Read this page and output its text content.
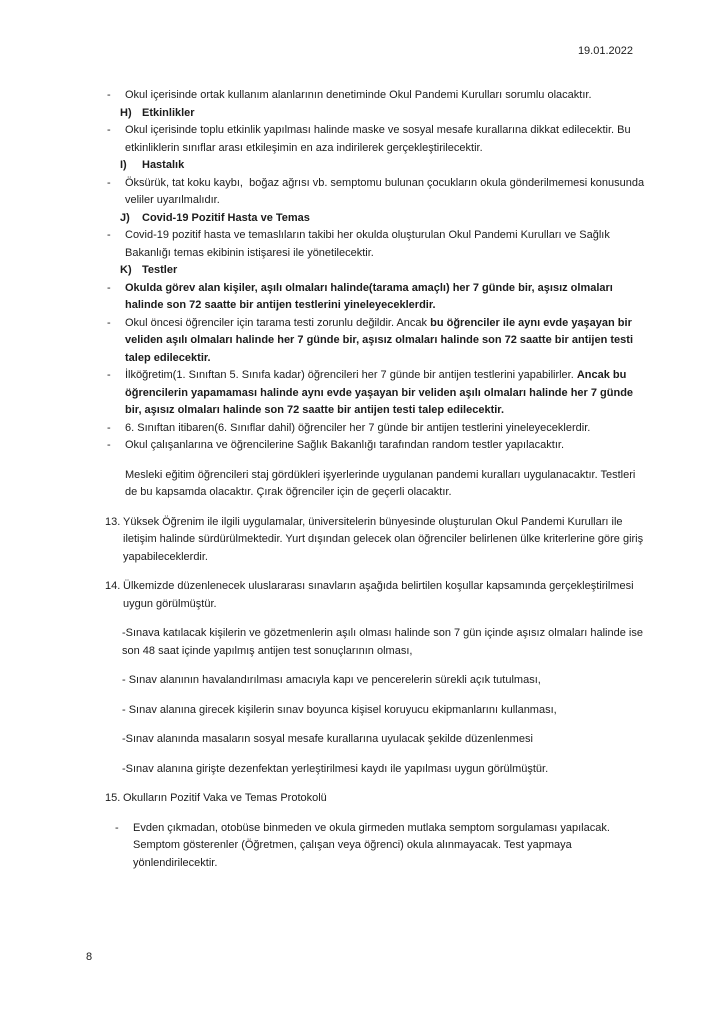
19.01.2022
-	Okul içerisinde ortak kullanım alanlarının denetiminde Okul Pandemi Kurulları sorumlu olacaktır.
H) Etkinlikler
-	Okul içerisinde toplu etkinlik yapılması halinde maske ve sosyal mesafe kurallarına dikkat edilecektir. Bu etkinliklerin sınıflar arası etkileşimin en aza indirilerek gerçekleştirilecektir.
I)	Hastalık
-	Öksürük, tat koku kaybı,  boğaz ağrısı vb. semptomu bulunan çocukların okula gönderilmemesi konusunda veliler uyarılmalıdır.
J)	Covid-19 Pozitif Hasta ve Temas
-	Covid-19 pozitif hasta ve temaslıların takibi her okulda oluşturulan Okul Pandemi Kurulları ve Sağlık Bakanlığı temas ekibinin istişaresi ile yönetilecektir.
K) Testler
-	Okulda görev alan kişiler, aşılı olmaları halinde(tarama amaçlı) her 7 günde bir, aşısız olmaları halinde son 72 saatte bir antijen testlerini yineleyeceklerdir.
-	Okul öncesi öğrenciler için tarama testi zorunlu değildir. Ancak bu öğrenciler ile aynı evde yaşayan bir veliden aşılı olmaları halinde her 7 günde bir, aşısız olmaları halinde son 72 saatte bir antijen testi talep edilecektir.
-	İlköğretim(1. Sınıftan 5. Sınıfa kadar) öğrencileri her 7 günde bir antijen testlerini yapabilirler. Ancak bu öğrencilerin yapamaması halinde aynı evde yaşayan bir veliden aşılı olmaları halinde her 7 günde bir, aşısız olmaları halinde son 72 saatte bir antijen testi talep edilecektir.
-	6. Sınıftan itibaren(6. Sınıflar dahil) öğrenciler her 7 günde bir antijen testlerini yineleyeceklerdir.
-	Okul çalışanlarına ve öğrencilerine Sağlık Bakanlığı tarafından random testler yapılacaktır.
Mesleki eğitim öğrencileri staj gördükleri işyerlerinde uygulanan pandemi kuralları uygulanacaktır. Testleri de bu kapsamda olacaktır. Çırak öğrenciler için de geçerli olacaktır.
13. Yüksek Öğrenim ile ilgili uygulamalar, üniversitelerin bünyesinde oluşturulan Okul Pandemi Kurulları ile iletişim halinde sürdürülmektedir. Yurt dışından gelecek olan öğrenciler belirlenen ülke kriterlerine göre giriş yapabileceklerdir.
14. Ülkemizde düzenlenecek uluslararası sınavların aşağıda belirtilen koşullar kapsamında gerçekleştirilmesi uygun görülmüştür.
-Sınava katılacak kişilerin ve gözetmenlerin aşılı olması halinde son 7 gün içinde aşısız olmaları halinde ise son 48 saat içinde yapılmış antijen test sonuçlarının olması,
- Sınav alanının havalandırılması amacıyla kapı ve pencerelerin sürekli açık tutulması,
- Sınav alanına girecek kişilerin sınav boyunca kişisel koruyucu ekipmanlarını kullanması,
-Sınav alanında masaların sosyal mesafe kurallarına uyulacak şekilde düzenlenmesi
-Sınav alanına girişte dezenfektan yerleştirilmesi kaydı ile yapılması uygun görülmüştür.
15. Okulların Pozitif Vaka ve Temas Protokolü
-	Evden çıkmadan, otobüse binmeden ve okula girmeden mutlaka semptom sorgulaması yapılacak. Semptom gösterenler (Öğretmen, çalışan veya öğrenci) okula alınmayacak. Test yapmaya yönlendirilecektir.
8
